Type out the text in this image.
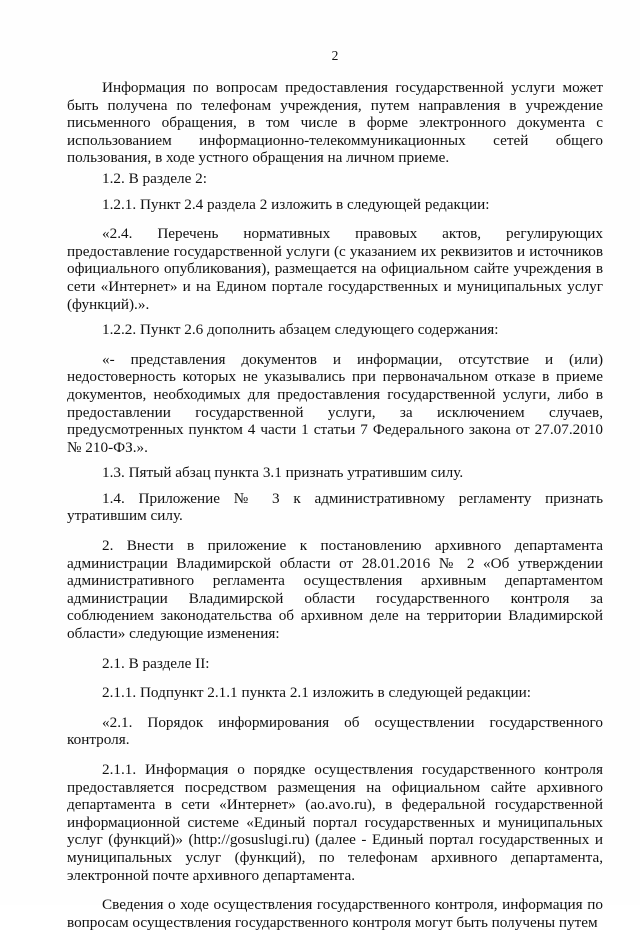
2

Информация по вопросам предоставления государственной услуги может быть получена по телефонам учреждения, путем направления в учреждение письменного обращения, в том числе в форме электронного документа с использованием информационно-телекоммуникационных сетей общего пользования, в ходе устного обращения на личном приеме.

1.2. В разделе 2:

1.2.1. Пункт 2.4 раздела 2 изложить в следующей редакции:

«2.4. Перечень нормативных правовых актов, регулирующих предоставление государственной услуги (с указанием их реквизитов и источников официального опубликования), размещается на официальном сайте учреждения в сети «Интернет» и на Едином портале государственных и муниципальных услуг (функций).».

1.2.2. Пункт 2.6 дополнить абзацем следующего содержания:

«- представления документов и информации, отсутствие и (или) недостоверность которых не указывались при первоначальном отказе в приеме документов, необходимых для предоставления государственной услуги, либо в предоставлении государственной услуги, за исключением случаев, предусмотренных пунктом 4 части 1 статьи 7 Федерального закона от 27.07.2010 № 210-ФЗ.».

1.3. Пятый абзац пункта 3.1 признать утратившим силу.

1.4. Приложение № 3 к административному регламенту признать утратившим силу.

2. Внести в приложение к постановлению архивного департамента администрации Владимирской области от 28.01.2016 № 2 «Об утверждении административного регламента осуществления архивным департаментом администрации Владимирской области государственного контроля за соблюдением законодательства об архивном деле на территории Владимирской области» следующие изменения:

2.1. В разделе II:

2.1.1. Подпункт 2.1.1 пункта 2.1 изложить в следующей редакции:

«2.1. Порядок информирования об осуществлении государственного контроля.

2.1.1. Информация о порядке осуществления государственного контроля предоставляется посредством размещения на официальном сайте архивного департамента в сети «Интернет» (ao.avo.ru), в федеральной государственной информационной системе «Единый портал государственных и муниципальных услуг (функций)» (http://gosuslugi.ru) (далее - Единый портал государственных и муниципальных услуг (функций), по телефонам архивного департамента, электронной почте архивного департамента.

Сведения о ходе осуществления государственного контроля, информация по вопросам осуществления государственного контроля могут быть получены путем
